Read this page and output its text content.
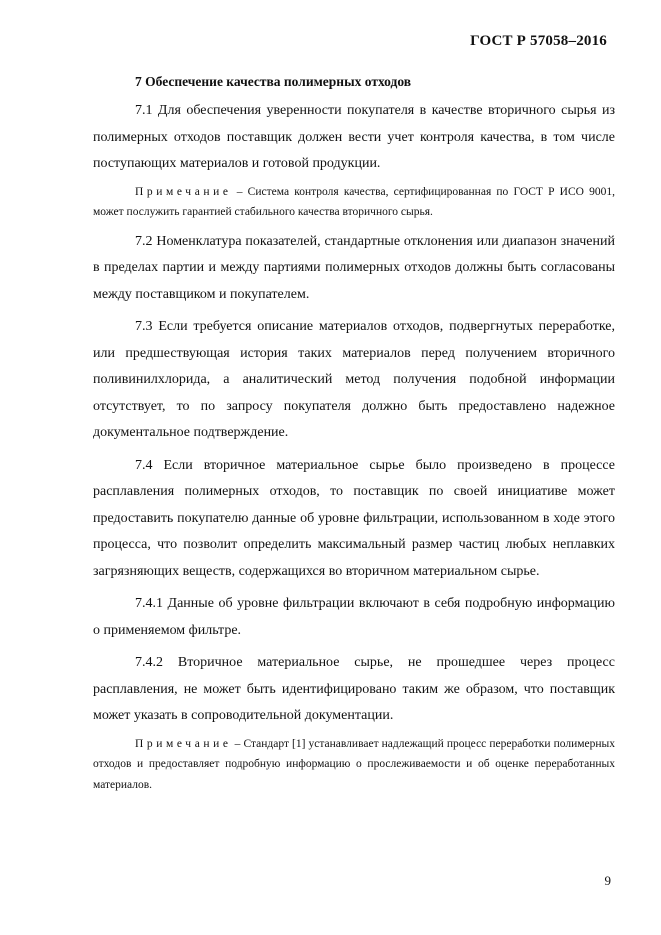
ГОСТ Р 57058–2016
7 Обеспечение качества полимерных отходов

7.1 Для обеспечения уверенности покупателя в качестве вторичного сырья из полимерных отходов поставщик должен вести учет контроля качества, в том числе поступающих материалов и готовой продукции.

Примечание – Система контроля качества, сертифицированная по ГОСТ Р ИСО 9001, может послужить гарантией стабильного качества вторичного сырья.

7.2 Номенклатура показателей, стандартные отклонения или диапазон значений в пределах партии и между партиями полимерных отходов должны быть согласованы между поставщиком и покупателем.

7.3 Если требуется описание материалов отходов, подвергнутых переработке, или предшествующая история таких материалов перед получением вторичного поливинилхлорида, а аналитический метод получения подобной информации отсутствует, то по запросу покупателя должно быть предоставлено надежное документальное подтверждение.

7.4 Если вторичное материальное сырье было произведено в процессе расплавления полимерных отходов, то поставщик по своей инициативе может предоставить покупателю данные об уровне фильтрации, использованном в ходе этого процесса, что позволит определить максимальный размер частиц любых неплавких загрязняющих веществ, содержащихся во вторичном материальном сырье.

7.4.1 Данные об уровне фильтрации включают в себя подробную информацию о применяемом фильтре.

7.4.2 Вторичное материальное сырье, не прошедшее через процесс расплавления, не может быть идентифицировано таким же образом, что поставщик может указать в сопроводительной документации.

Примечание – Стандарт [1] устанавливает надлежащий процесс переработки полимерных отходов и предоставляет подробную информацию о прослеживаемости и об оценке переработанных материалов.

9
